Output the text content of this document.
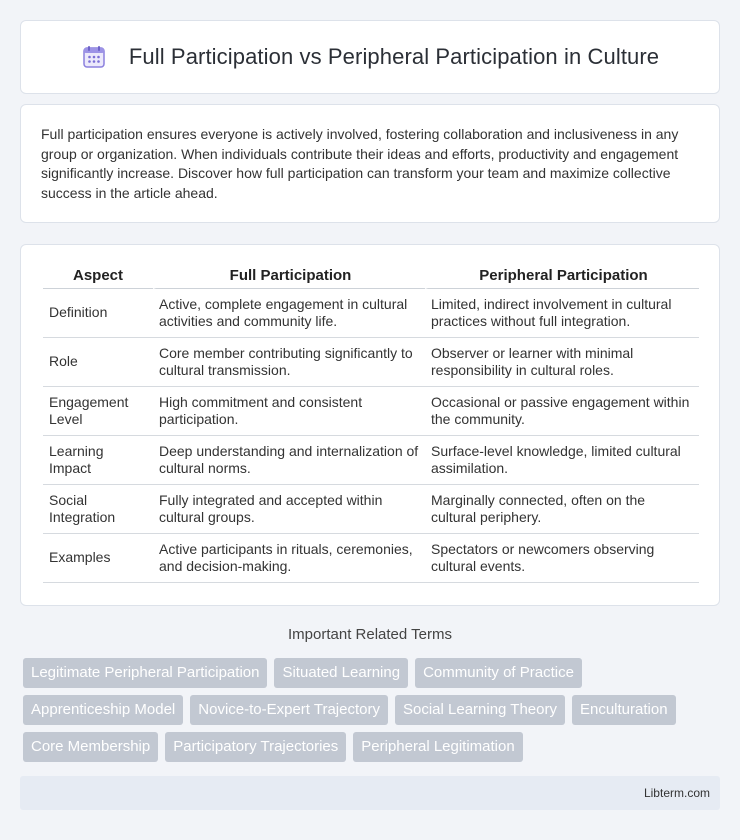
Full Participation vs Peripheral Participation in Culture

Full participation ensures everyone is actively involved, fostering collaboration and inclusiveness in any group or organization. When individuals contribute their ideas and efforts, productivity and engagement significantly increase. Discover how full participation can transform your team and maximize collective success in the article ahead.

Aspect	Full Participation	Peripheral Participation
Definition	Active, complete engagement in cultural activities and community life.	Limited, indirect involvement in cultural practices without full integration.
Role	Core member contributing significantly to cultural transmission.	Observer or learner with minimal responsibility in cultural roles.
Engagement Level	High commitment and consistent participation.	Occasional or passive engagement within the community.
Learning Impact	Deep understanding and internalization of cultural norms.	Surface-level knowledge, limited cultural assimilation.
Social Integration	Fully integrated and accepted within cultural groups.	Marginally connected, often on the cultural periphery.
Examples	Active participants in rituals, ceremonies, and decision-making.	Spectators or newcomers observing cultural events.
Important Related Terms
Legitimate Peripheral Participation	Situated Learning	Community of Practice
Apprenticeship Model	Novice-to-Expert Trajectory	Social Learning Theory	Enculturation
Core Membership	Participatory Trajectories	Peripheral Legitimation
Libterm.com
